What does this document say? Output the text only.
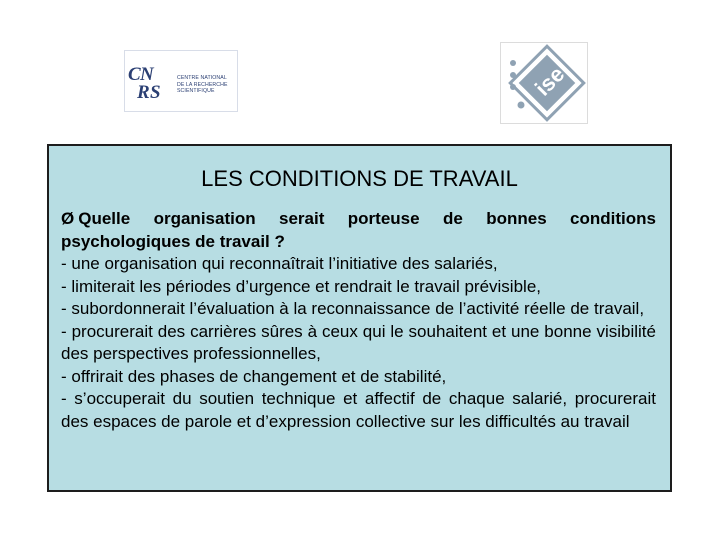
C N
R S
CENTRE NATIONAL
DE LA RECHERCHE
SCIENTIFIQUE	ise
LES CONDITIONS DE TRAVAIL
Ø Quelle organisation serait porteuse de bonnes conditions psychologiques de travail ?
- une organisation qui reconnaîtrait l’initiative des salariés,
- limiterait les périodes d’urgence et rendrait le travail prévisible,
- subordonnerait l’évaluation à la reconnaissance de l’activité réelle de travail,
- procurerait des carrières sûres à ceux qui le souhaitent et une bonne visibilité des perspectives professionnelles,
- offrirait des phases de changement et de stabilité,
- s’occuperait du soutien technique et affectif de chaque salarié, procurerait des espaces de parole et d’expression collective sur les difficultés au travail
